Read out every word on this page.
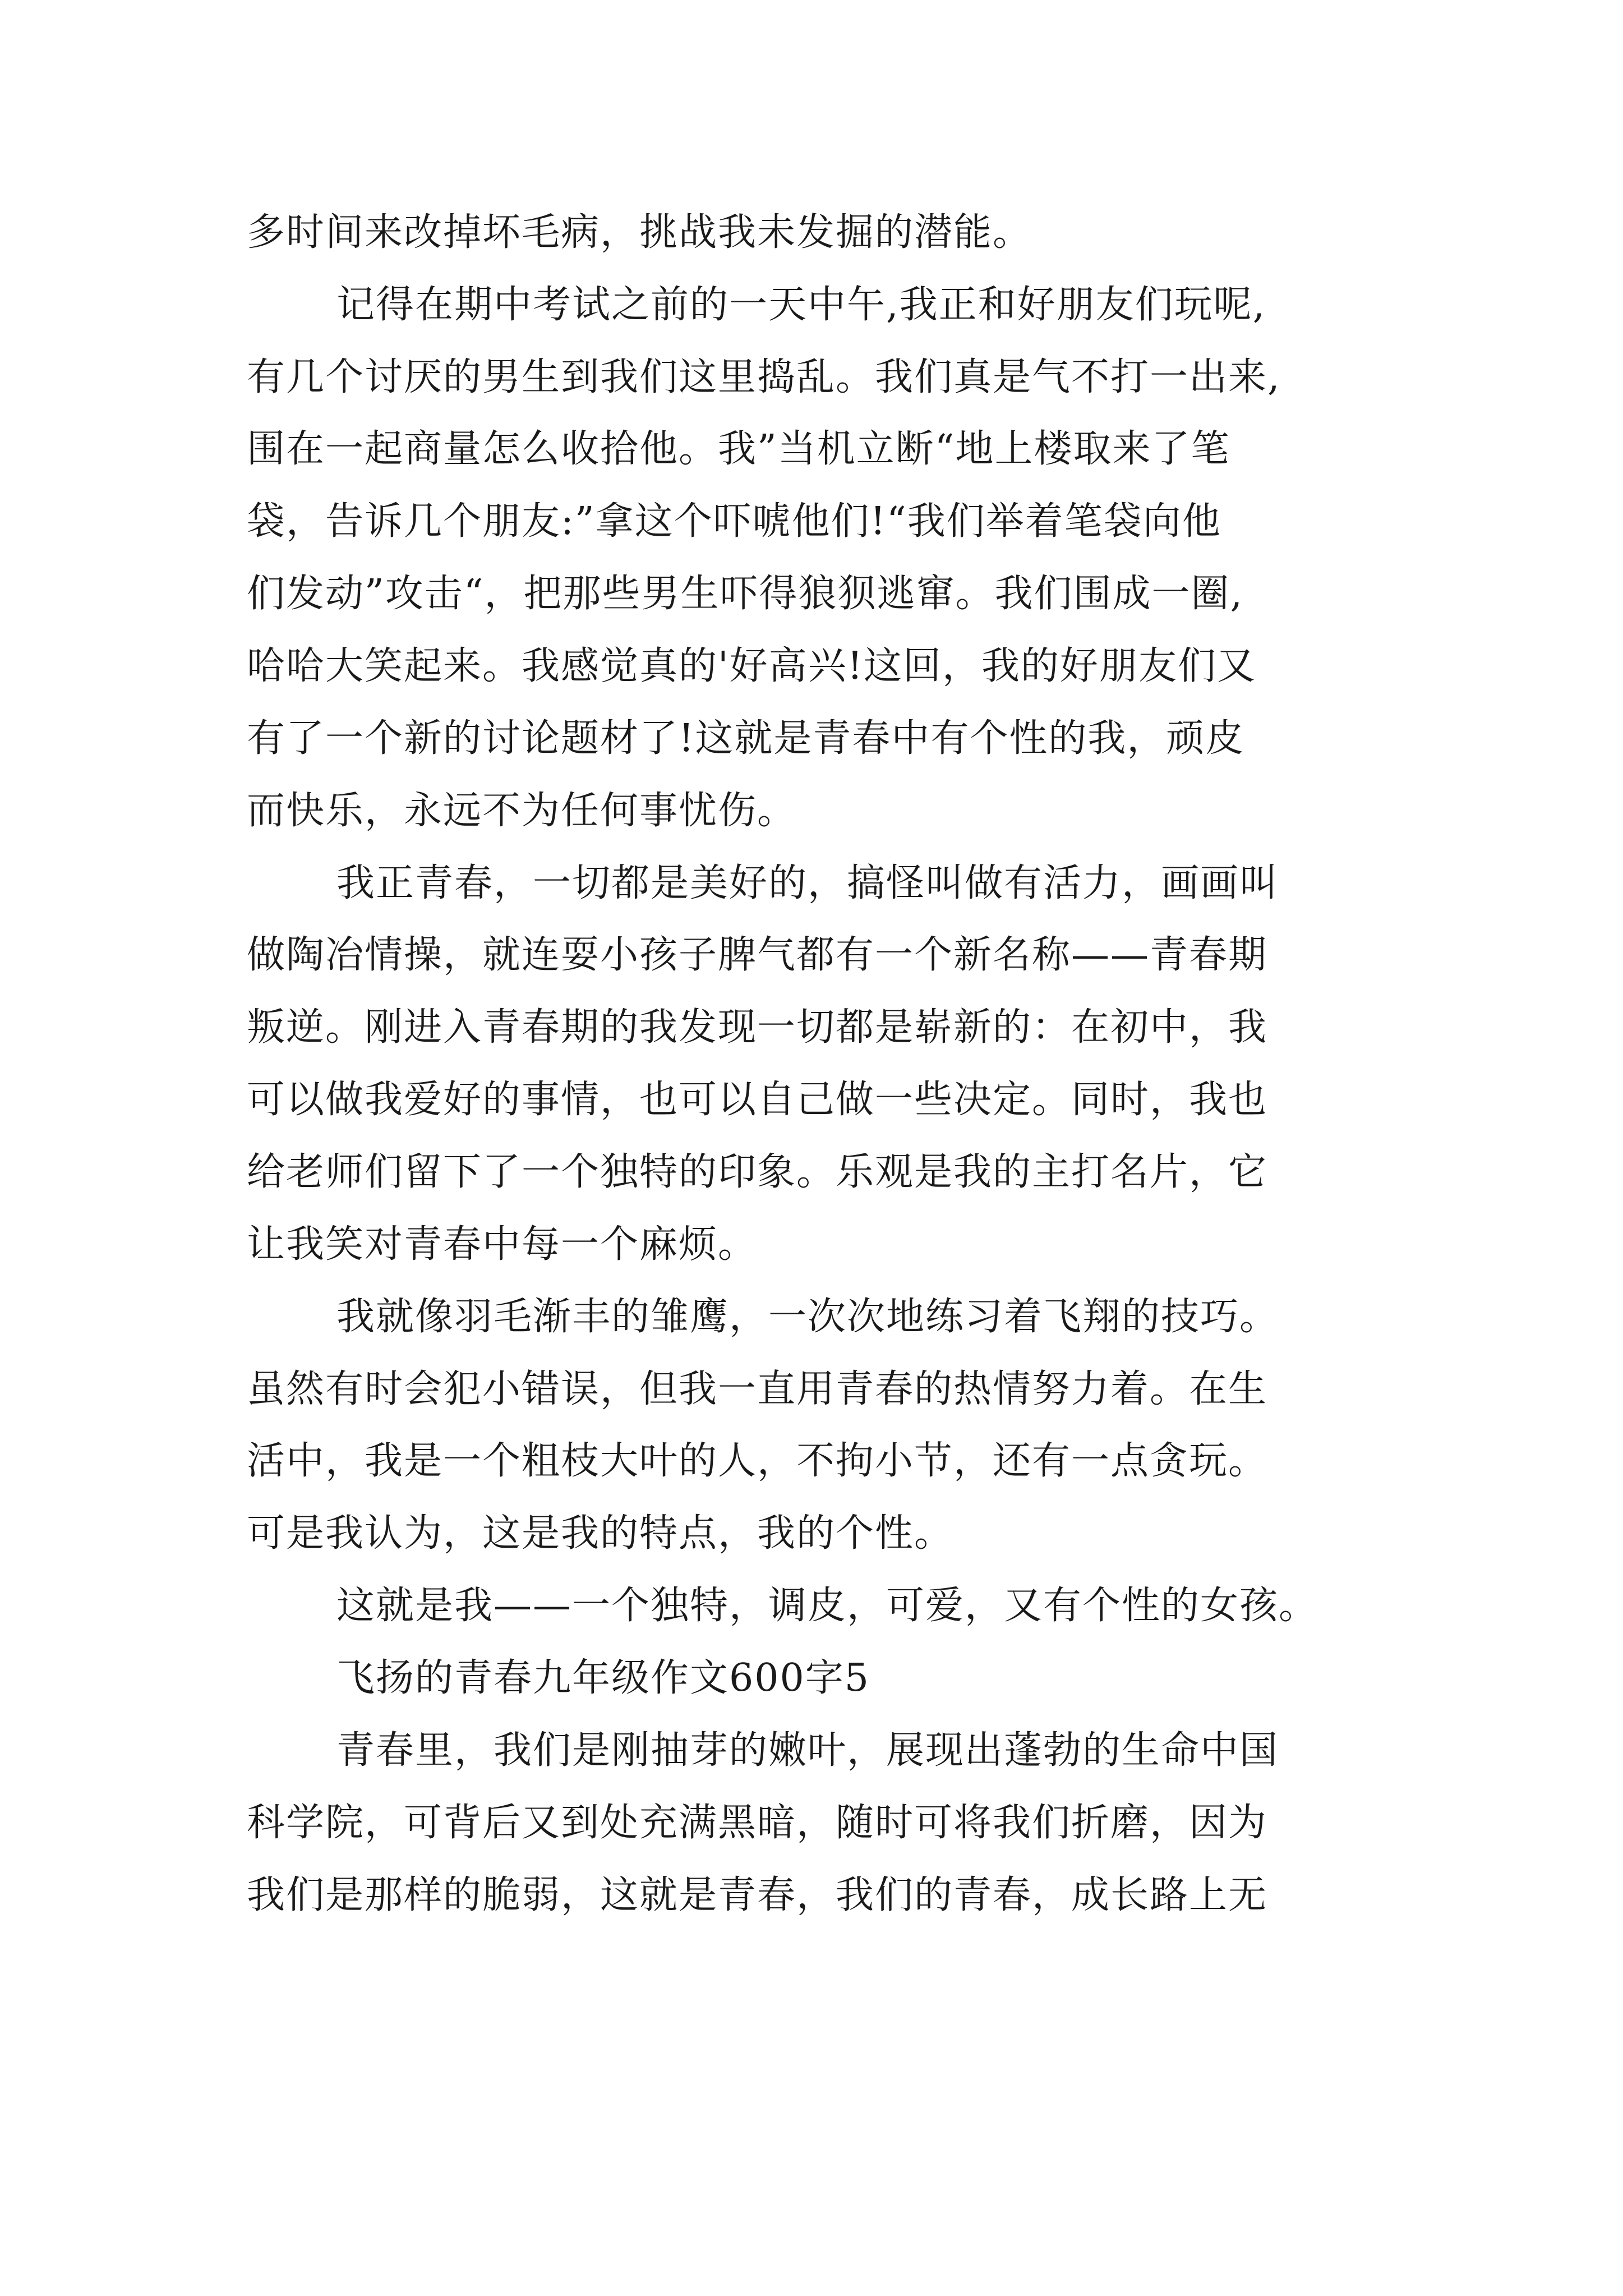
多时间来改掉坏毛病，挑战我未发掘的潜能。
记得在期中考试之前的一天中午,我正和好朋友们玩呢,
有几个讨厌的男生到我们这里捣乱。我们真是气不打一出来,
围在一起商量怎么收拾他。我”当机立断“地上楼取来了笔
袋，告诉几个朋友:”拿这个吓唬他们!“我们举着笔袋向他
们发动”攻击“，把那些男生吓得狼狈逃窜。我们围成一圈,
哈哈大笑起来。我感觉真的'好高兴!这回，我的好朋友们又
有了一个新的讨论题材了!这就是青春中有个性的我，顽皮
而快乐，永远不为任何事忧伤。
我正青春，一切都是美好的，搞怪叫做有活力，画画叫
做陶冶情操，就连耍小孩子脾气都有一个新名称——青春期
叛逆。刚进入青春期的我发现一切都是崭新的：在初中，我
可以做我爱好的事情，也可以自己做一些决定。同时，我也
给老师们留下了一个独特的印象。乐观是我的主打名片，它
让我笑对青春中每一个麻烦。
我就像羽毛渐丰的雏鹰，一次次地练习着飞翔的技巧。
虽然有时会犯小错误，但我一直用青春的热情努力着。在生
活中，我是一个粗枝大叶的人，不拘小节，还有一点贪玩。
可是我认为，这是我的特点，我的个性。
这就是我——一个独特，调皮，可爱，又有个性的女孩。
飞扬的青春九年级作文600字5
青春里，我们是刚抽芽的嫩叶，展现出蓬勃的生命中国
科学院，可背后又到处充满黑暗，随时可将我们折磨，因为
我们是那样的脆弱，这就是青春，我们的青春，成长路上无
